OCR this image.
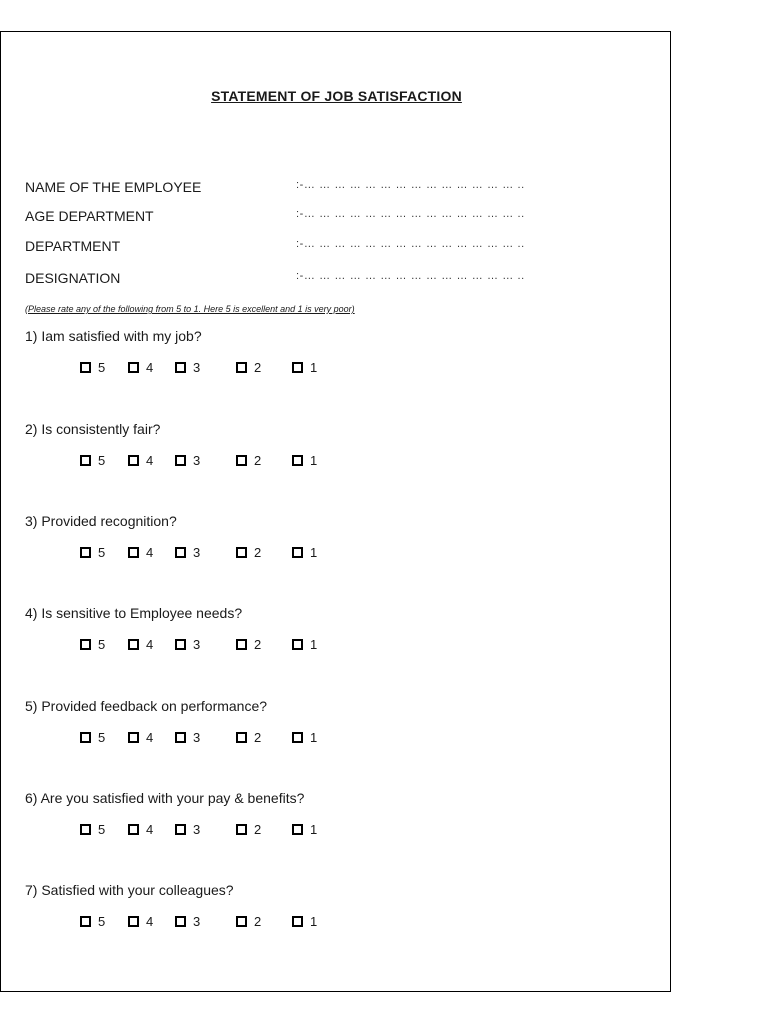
STATEMENT OF JOB SATISFACTION
NAME OF THE EMPLOYEE	:-… … … … … … … … … … … … … … ..
AGE DEPARTMENT	:-… … … … … … … … … … … … … … ..
DEPARTMENT	:-… … … … … … … … … … … … … … ..
DESIGNATION	:-… … … … … … … … … … … … … … ..
(Please rate any of the following from 5 to 1. Here 5 is excellent and 1 is very poor)
1) Iam satisfied with my job?
5	4	3	2	1
2) Is consistently fair?
5	4	3	2	1
3) Provided recognition?
5	4	3	2	1
4) Is sensitive to Employee needs?
5	4	3	2	1
5) Provided feedback on performance?
5	4	3	2	1
6) Are you satisfied with your pay & benefits?
5	4	3	2	1
7) Satisfied with your colleagues?
5	4	3	2	1
